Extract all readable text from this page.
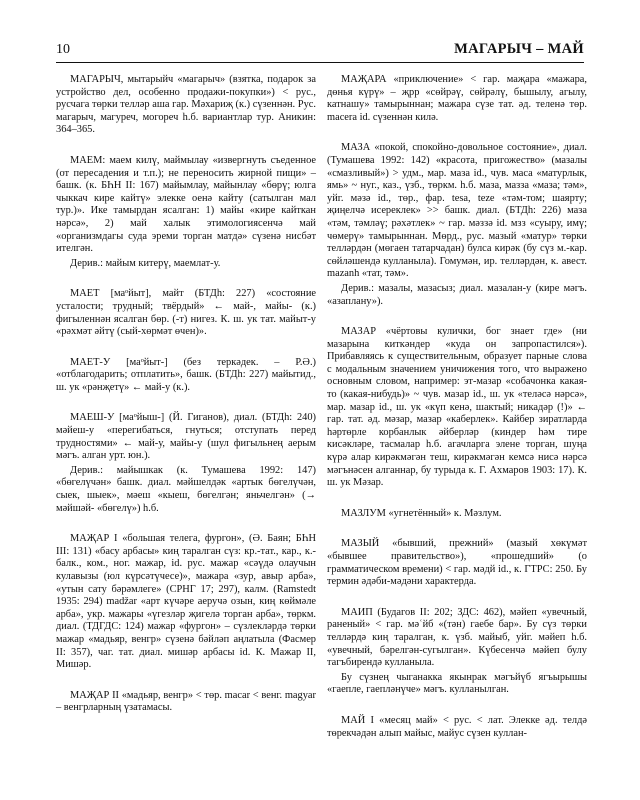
10	МАГАРЫЧ – МАЙ

МАГАРЫЧ, мытарыйч «магарыч» (взятка, подарок за устройство дел, особенно продажи-покупки») < рус., русчага төрки телләр аша гар. Мәхариҗ (к.) сүзеннән. Рус. магарыч, магуреч, могореч һ.б. вариантлар тур. Аникин: 364–365.

МАЕМ: маем килү, маймылау «извергнуть съеденное (от пересадения и т.п.); не переносить жирной пищи» – башк. (к. БҺН II: 167) майымлау, майынлау «бөрү; юлга чыккач кире кайтү» элекке оенә кайту (сатылган мал тур.)». Ике тамырдан ясалган: 1) майы «кире кайткан нәрсә», 2) май халык этимологиясенчә май «организмдагы суда эреми торган матдә» сүзенә нисбәт ителгән.

Дерив.: майым китерү, маемлат-у.

МАЕТ [маᵒйыт], майт (БТДһ: 227) «состояние усталости; трудный; твёрдый» ← май-, майы- (к.) фигыленнән ясалган бөр. (-т) нигез. К. ш. ук тат. майыт-у «рәхмәт әйтү (сый-хөрмәт өчен)».

МАЕТ-У [маᵒйыт-] (без теркәдек. – Р.Ә.) «отблагодарить; отплатить», башк. (БТДһ: 227) майытид., ш. ук «рәнҗетү» ← май-у (к.).

МАЕШ-У [маᵒйыш-] (Й. Гиганов), диал. (БТДһ: 240) мәйеш-у «перегибаться, гнуться; отступать перед трудностями» ← май-у, майы-у (шул фигыльнең аерым мәгъ. алган урт. юн.).

Дерив.: майышкак (к. Тумашева 1992: 147) «бөгелүчән» башк. диал. мәйшелдәк «артык бөгелүчән, сыек, шыек», мәеш «кыеш, бөгелгән; яньчелгән» (→ мәйшәй- «бөгелү») һ.б.

МАҖАР I «большая телега, фургон», (Ә. Баян; БҺН III: 131) «басу арбасы» киң таралган сүз: кр.-тат., кар., к.-балк., ком., ног. мажар, id. рус. мажар «сәүдә олаучын кулавызы (юл күрсәтүчесе)», мажара «зур, авыр арба», «утын сату бәрәмлеге» (СРНГ 17; 297), калм. (Ramstedt 1935: 294) madžar «арт күчәре аеручә озын, киң көймәле арба», укр. мажары «үгезләр җигелә торган арба», төркм. диал. (ТДГДС: 124) мажар «фургон» – сүзлекләрдә төрки мажар «мадьяр, венгр» сүзенә бәйләп аңлатыла (Фасмер II: 357), чаг. тат. диал. мишәр арбасы id. К. Мажар II, Мишәр.

МАҖАР II «мадьяр, венгр» < төр. macar < венг. magyar – венгрларның үзатамасы.

МАҖАРА «приключение» < гар. маҗара «мажара, дөнья күрү» – җрр «сөйрәү, сөйрәлү, бышылу, агылу, катнашу» тамырыннан; мажара сүзе тат. әд. теленә төр. macera id. сүзеннән килә.

МАЗА «покой, спокойно-довольное состояние», диал. (Тумашева 1992: 142) «красота, пригожество» (мазалы «смазливый») > удм., мар. маза id., чув. маса «матурлык, ямь» ~ нуг., каз., үзб., төркм. һ.б. маза, мазза «маза; тәм», уйг. мәзә id., төр., фар. tesa, teze «тәм-том; шаярту; җиңелчә исереклек» >> башк. диал. (БТДһ: 226) маза «тәм, тәмләү; рәхәтлек» ~ гар. мәззә id. мзз «суыру, имү; чөмерү» тамырыннан. Мөрд., рус. мазый «матур» төрки телләрдән (мөгаен татарчадан) булса кирәк (бу сүз м.-кар. сөйләшендә кулланыла). Гомумән, ир. телләрдән, к. авест. mazanh «тат, тәм».

Дерив.: мазалы, мазасыз; диал. мазалан-у (кире мәгъ. «азаплану»).

МАЗАР «чёртовы кулички, бог знает где» (ни мазарына киткәндер «куда он запропастился»). Прибавляясь к существительным, образует парные слова с модальным значением уничижения того, что выражено основным словом, например: эт-мазар «собачонка какая-то (какая-нибудь)» ~ чув. мазар id., ш. ук «теләсә нәрсә», мар. мазар id., ш. ук «күп кенә, шактый; никадәр (!)» ← гар. тат. әд. мәзар, мазар «каберлек». Кайбер зиратларда һәртөрле корбанлык әйберләр (киндер һәм тире кисәкләре, тасмалар һ.б. агачларга элене торган, шуңа күрә алар кирәкмәгән теш, кирәкмәгән кемсә нисә нәрсә мәгънәсен алганнар, бу турыда к. Г. Ахмаров 1903: 17). К. ш. ук Мәзар.

МАЗЛУМ «угнетённый» к. Мәзлум.

МАЗЫЙ «бывший, прежний» (мазый хөкүмәт «бывшее правительство»), «прошедший» (о грамматическом времени) < гар. мәдй id., к. ГТРС: 250. Бу термин әдәби-мәдәни характерда.

МАИП (Будагов II: 202; ЗДС: 462), мәйеп «увечный, раненый» < гар. мәʿйб «(тән) гаебе бар». Бу сүз төрки телләрдә киң таралган, к. үзб. майыб, уйг. мәйеп һ.б. «увечный, бәрелгән-сугылган». Күбесенчә мәйеп булу тагъбирендә кулланыла.

Бу сүзнең чыганакка якынрак мәгъйүб ягъырышы «гаепле, гаепләнүче» мәгъ. кулланылган.

МАЙ I «месяц май» < рус. < лат. Элекке әд. телдә төрекчәдән алып майыс, майус сүзен куллан-
